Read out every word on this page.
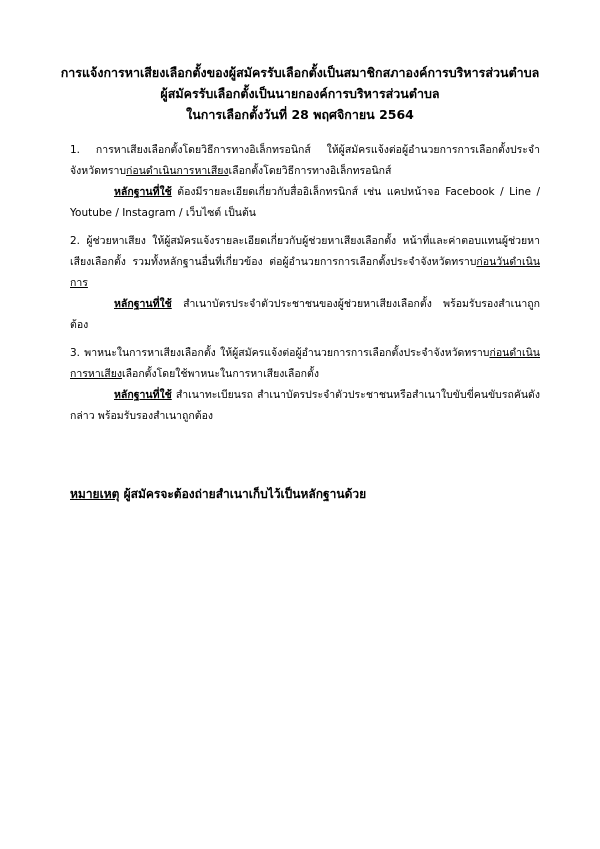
การแจ้งการหาเสียงเลือกตั้งของผู้สมัครรับเลือกตั้งเป็นสมาชิกสภาองค์การบริหารส่วนตำบล
ผู้สมัครรับเลือกตั้งเป็นนายกองค์การบริหารส่วนตำบล
ในการเลือกตั้งวันที่ 28 พฤศจิกายน 2564

1. การหาเสียงเลือกตั้งโดยวิธีการทางอิเล็กทรอนิกส์ ให้ผู้สมัครแจ้งต่อผู้อำนวยการการเลือกตั้งประจำจังหวัดทราบก่อนดำเนินการหาเสียงเลือกตั้งโดยวิธีการทางอิเล็กทรอนิกส์
หลักฐานที่ใช้ ต้องมีรายละเอียดเกี่ยวกับสื่ออิเล็กทรนิกส์ เช่น แคปหน้าจอ Facebook / Line / Youtube / Instagram / เว็บไซต์ เป็นต้น

2. ผู้ช่วยหาเสียง ให้ผู้สมัครแจ้งรายละเอียดเกี่ยวกับผู้ช่วยหาเสียงเลือกตั้ง หน้าที่และค่าตอบแทนผู้ช่วยหาเสียงเลือกตั้ง รวมทั้งหลักฐานอื่นที่เกี่ยวข้อง ต่อผู้อำนวยการการเลือกตั้งประจำจังหวัดทราบก่อนวันดำเนินการ
หลักฐานที่ใช้ สำเนาบัตรประจำตัวประชาชนของผู้ช่วยหาเสียงเลือกตั้ง พร้อมรับรองสำเนาถูกต้อง

3. พาหนะในการหาเสียงเลือกตั้ง ให้ผู้สมัครแจ้งต่อผู้อำนวยการการเลือกตั้งประจำจังหวัดทราบก่อนดำเนินการหาเสียงเลือกตั้งโดยใช้พาหนะในการหาเสียงเลือกตั้ง
หลักฐานที่ใช้ สำเนาทะเบียนรถ สำเนาบัตรประจำตัวประชาชนหรือสำเนาใบขับขี่คนขับรถคันดังกล่าว พร้อมรับรองสำเนาถูกต้อง

หมายเหตุ ผู้สมัครจะต้องถ่ายสำเนาเก็บไว้เป็นหลักฐานด้วย
